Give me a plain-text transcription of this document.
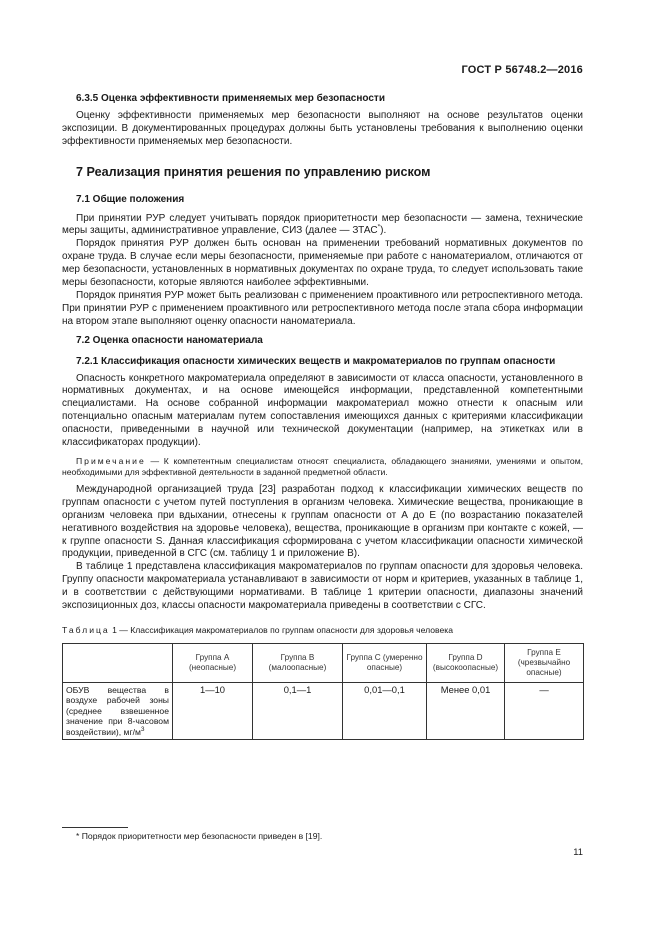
ГОСТ Р 56748.2—2016
6.3.5 Оценка эффективности применяемых мер безопасности

Оценку эффективности применяемых мер безопасности выполняют на основе результатов оценки экспозиции. В документированных процедурах должны быть установлены требования к выполнению оценки эффективности применяемых мер безопасности.

7 Реализация принятия решения по управлению риском
7.1 Общие положения

При принятии РУР следует учитывать порядок приоритетности мер безопасности — замена, технические меры защиты, административное управление, СИЗ (далее — ЗТАС*).

Порядок принятия РУР должен быть основан на применении требований нормативных документов по охране труда. В случае если меры безопасности, применяемые при работе с наноматериалом, отличаются от мер безопасности, установленных в нормативных документах по охране труда, то следует использовать такие меры безопасности, которые являются наиболее эффективными.

Порядок принятия РУР может быть реализован с применением проактивного или ретроспективного метода. При принятии РУР с применением проактивного или ретроспективного метода после этапа сбора информации на втором этапе выполняют оценку опасности наноматериала.

7.2 Оценка опасности наноматериала

7.2.1 Классификация опасности химических веществ и макроматериалов по группам опасности

Опасность конкретного макроматериала определяют в зависимости от класса опасности, установленного в нормативных документах, и на основе имеющейся информации, представленной компетентными специалистами. На основе собранной информации макроматериал можно отнести к опасным или потенциально опасным материалам путем сопоставления имеющихся данных с критериями классификации опасности, приведенными в научной или технической документации (например, на этикетках или в классификаторах продукции).

Примечание — К компетентным специалистам относят специалиста, обладающего знаниями, умениями и опытом, необходимыми для эффективной деятельности в заданной предметной области.

Международной организацией труда [23] разработан подход к классификации химических веществ по группам опасности с учетом путей поступления в организм человека. Химические вещества, проникающие в организм человека при вдыхании, отнесены к группам опасности от А до Е (по возрастанию показателей негативного воздействия на здоровье человека), вещества, проникающие в организм при контакте с кожей, — к группе опасности S. Данная классификация сформирована с учетом классификации опасности химической продукции, приведенной в СГС (см. таблицу 1 и приложение В).

В таблице 1 представлена классификация макроматериалов по группам опасности для здоровья человека. Группу опасности макроматериала устанавливают в зависимости от норм и критериев, указанных в таблице 1, и в соответствии с действующими нормативами. В таблице 1 критерии опасности, диапазоны значений экспозиционных доз, классы опасности макроматериала приведены в соответствии с СГС.

Таблица 1 — Классификация макроматериалов по группам опасности для здоровья человека
	Группа А (неопасные)	Группа В (малоопасные)	Группа С (умеренно опасные)	Группа D (высокоопасные)	Группа Е (чрезвычайно опасные)
ОБУВ вещества в воздухе рабочей зоны (среднее взвешенное значение при 8-часовом воздействии), $мг/м^3$	1—10	0,1—1	0,01—0,1	Менее 0,01	—
* Порядок приоритетности мер безопасности приведен в [19].
11
